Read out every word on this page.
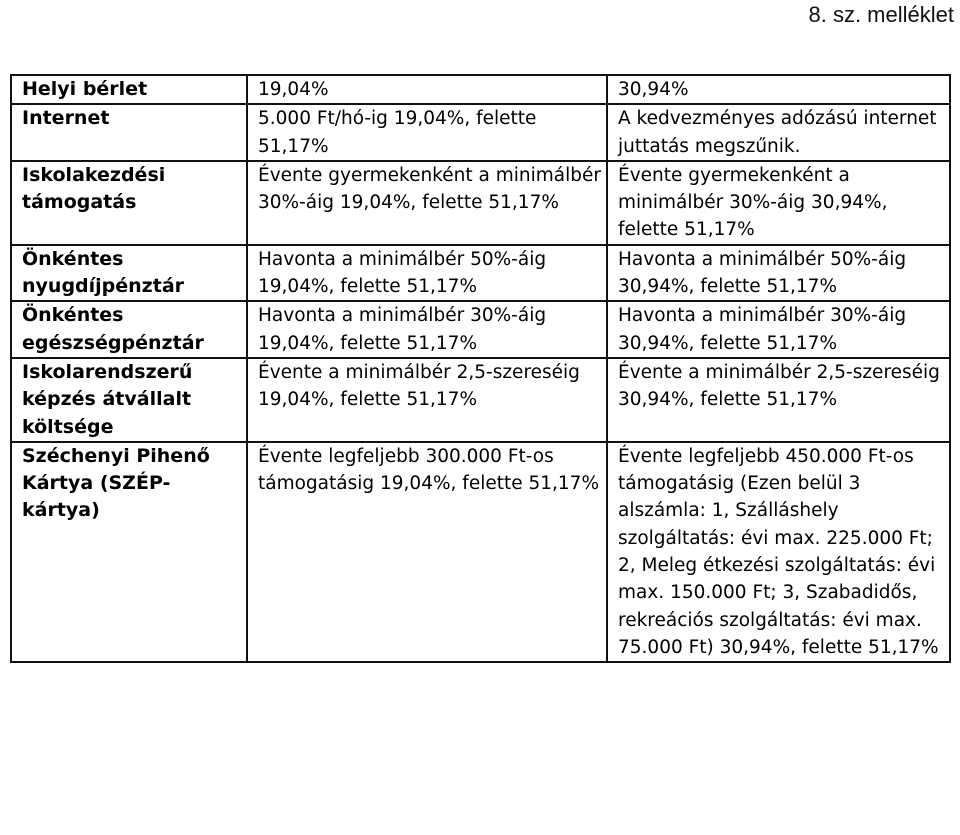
8. sz. melléklet
Helyi bérlet	19,04%	30,94%
Internet	5.000 Ft/hó-ig 19,04%, felette 51,17%	A kedvezményes adózású internet juttatás megszűnik.
Iskolakezdési támogatás	Évente gyermekenként a minimálbér 30%-áig 19,04%, felette 51,17%	Évente gyermekenként a minimálbér 30%-áig 30,94%, felette 51,17%
Önkéntes nyugdíjpénztár	Havonta a minimálbér 50%-áig 19,04%, felette 51,17%	Havonta a minimálbér 50%-áig 30,94%, felette 51,17%
Önkéntes egészségpénztár	Havonta a minimálbér 30%-áig 19,04%, felette 51,17%	Havonta a minimálbér 30%-áig 30,94%, felette 51,17%
Iskolarendszerű képzés átvállalt költsége	Évente a minimálbér 2,5-szereséig 19,04%, felette 51,17%	Évente a minimálbér 2,5-szereséig 30,94%, felette 51,17%
Széchenyi Pihenő Kártya (SZÉP-kártya)	Évente legfeljebb 300.000 Ft-os támogatásig 19,04%, felette 51,17%	Évente legfeljebb 450.000 Ft-os támogatásig (Ezen belül 3 alszámla: 1, Szálláshely szolgáltatás: évi max. 225.000 Ft; 2, Meleg étkezési szolgáltatás: évi max. 150.000 Ft; 3, Szabadidős, rekreációs szolgáltatás: évi max. 75.000 Ft) 30,94%, felette 51,17%
